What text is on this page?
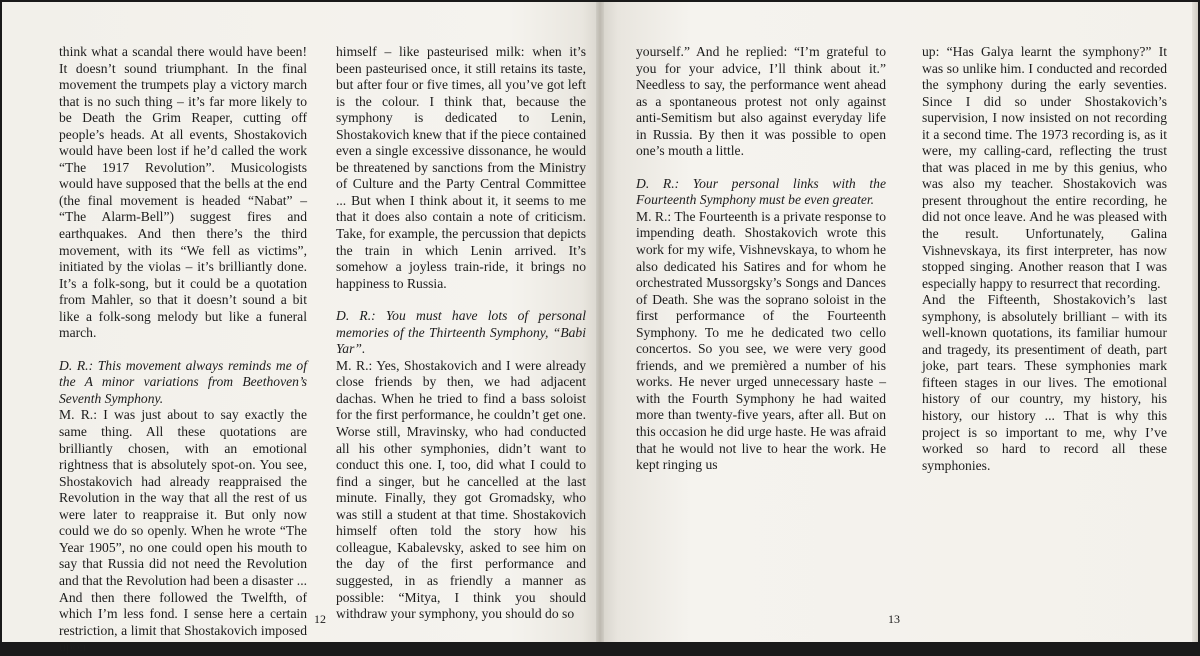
think what a scandal there would have been! It doesn’t sound triumphant. In the final movement the trumpets play a victory march that is no such thing – it’s far more likely to be Death the Grim Reaper, cutting off people’s heads. At all events, Shostakovich would have been lost if he’d called the work “The 1917 Revolution”. Musicologists would have supposed that the bells at the end (the final movement is headed “Nabat” – “The Alarm-Bell”) suggest fires and earthquakes. And then there’s the third movement, with its “We fell as victims”, initiated by the violas – it’s brilliantly done. It’s a folk-song, but it could be a quotation from Mahler, so that it doesn’t sound a bit like a folk-song melody but like a funeral march.

D. R.: This movement always reminds me of the A minor variations from Beethoven’s Seventh Symphony.

M. R.: I was just about to say exactly the same thing. All these quotations are brilliantly chosen, with an emotional rightness that is absolutely spot-on. You see, Shostakovich had already reappraised the Revolution in the way that all the rest of us were later to reappraise it. But only now could we do so openly. When he wrote “The Year 1905”, no one could open his mouth to say that Russia did not need the Revolution and that the Revolution had been a disaster ... And then there followed the Twelfth, of which I’m less fond. I sense here a certain restriction, a limit that Shostakovich imposed upon

himself – like pasteurised milk: when it’s been pasteurised once, it still retains its taste, but after four or five times, all you’ve got left is the colour. I think that, because the symphony is dedicated to Lenin, Shostakovich knew that if the piece contained even a single excessive dissonance, he would be threatened by sanctions from the Ministry of Culture and the Party Central Committee ... But when I think about it, it seems to me that it does also contain a note of criticism. Take, for example, the percussion that depicts the train in which Lenin arrived. It’s somehow a joyless train-ride, it brings no happiness to Russia.

D. R.: You must have lots of personal memories of the Thirteenth Symphony, “Babi Yar”.

M. R.: Yes, Shostakovich and I were already close friends by then, we had adjacent dachas. When he tried to find a bass soloist for the first performance, he couldn’t get one. Worse still, Mravinsky, who had conducted all his other symphonies, didn’t want to conduct this one. I, too, did what I could to find a singer, but he cancelled at the last minute. Finally, they got Gromadsky, who was still a student at that time. Shostakovich himself often told the story how his colleague, Kabalevsky, asked to see him on the day of the first performance and suggested, in as friendly a manner as possible: “Mitya, I think you should withdraw your symphony, you should do so

12

yourself.” And he replied: “I’m grateful to you for your advice, I’ll think about it.” Needless to say, the performance went ahead as a spontaneous protest not only against anti-Semitism but also against everyday life in Russia. By then it was possible to open one’s mouth a little.

D. R.: Your personal links with the Fourteenth Symphony must be even greater.

M. R.: The Fourteenth is a private response to impending death. Shostakovich wrote this work for my wife, Vishnevskaya, to whom he also dedicated his Satires and for whom he orchestrated Mussorgsky’s Songs and Dances of Death. She was the soprano soloist in the first performance of the Fourteenth Symphony. To me he dedicated two cello concertos. So you see, we were very good friends, and we premièred a number of his works. He never urged unnecessary haste – with the Fourth Symphony he had waited more than twenty-five years, after all. But on this occasion he did urge haste. He was afraid that he would not live to hear the work. He kept ringing us

up: “Has Galya learnt the symphony?” It was so unlike him. I conducted and recorded the symphony during the early seventies. Since I did so under Shostakovich’s supervision, I now insisted on not recording it a second time. The 1973 recording is, as it were, my calling-card, reflecting the trust that was placed in me by this genius, who was also my teacher. Shostakovich was present throughout the entire recording, he did not once leave. And he was pleased with the result. Unfortunately, Galina Vishnevskaya, its first interpreter, has now stopped singing. Another reason that I was especially happy to resurrect that recording.

And the Fifteenth, Shostakovich’s last symphony, is absolutely brilliant – with its well-known quotations, its familiar humour and tragedy, its presentiment of death, part joke, part tears. These symphonies mark fifteen stages in our lives. The emotional history of our country, my history, his history, our history ... That is why this project is so important to me, why I’ve worked so hard to record all these symphonies.

13
